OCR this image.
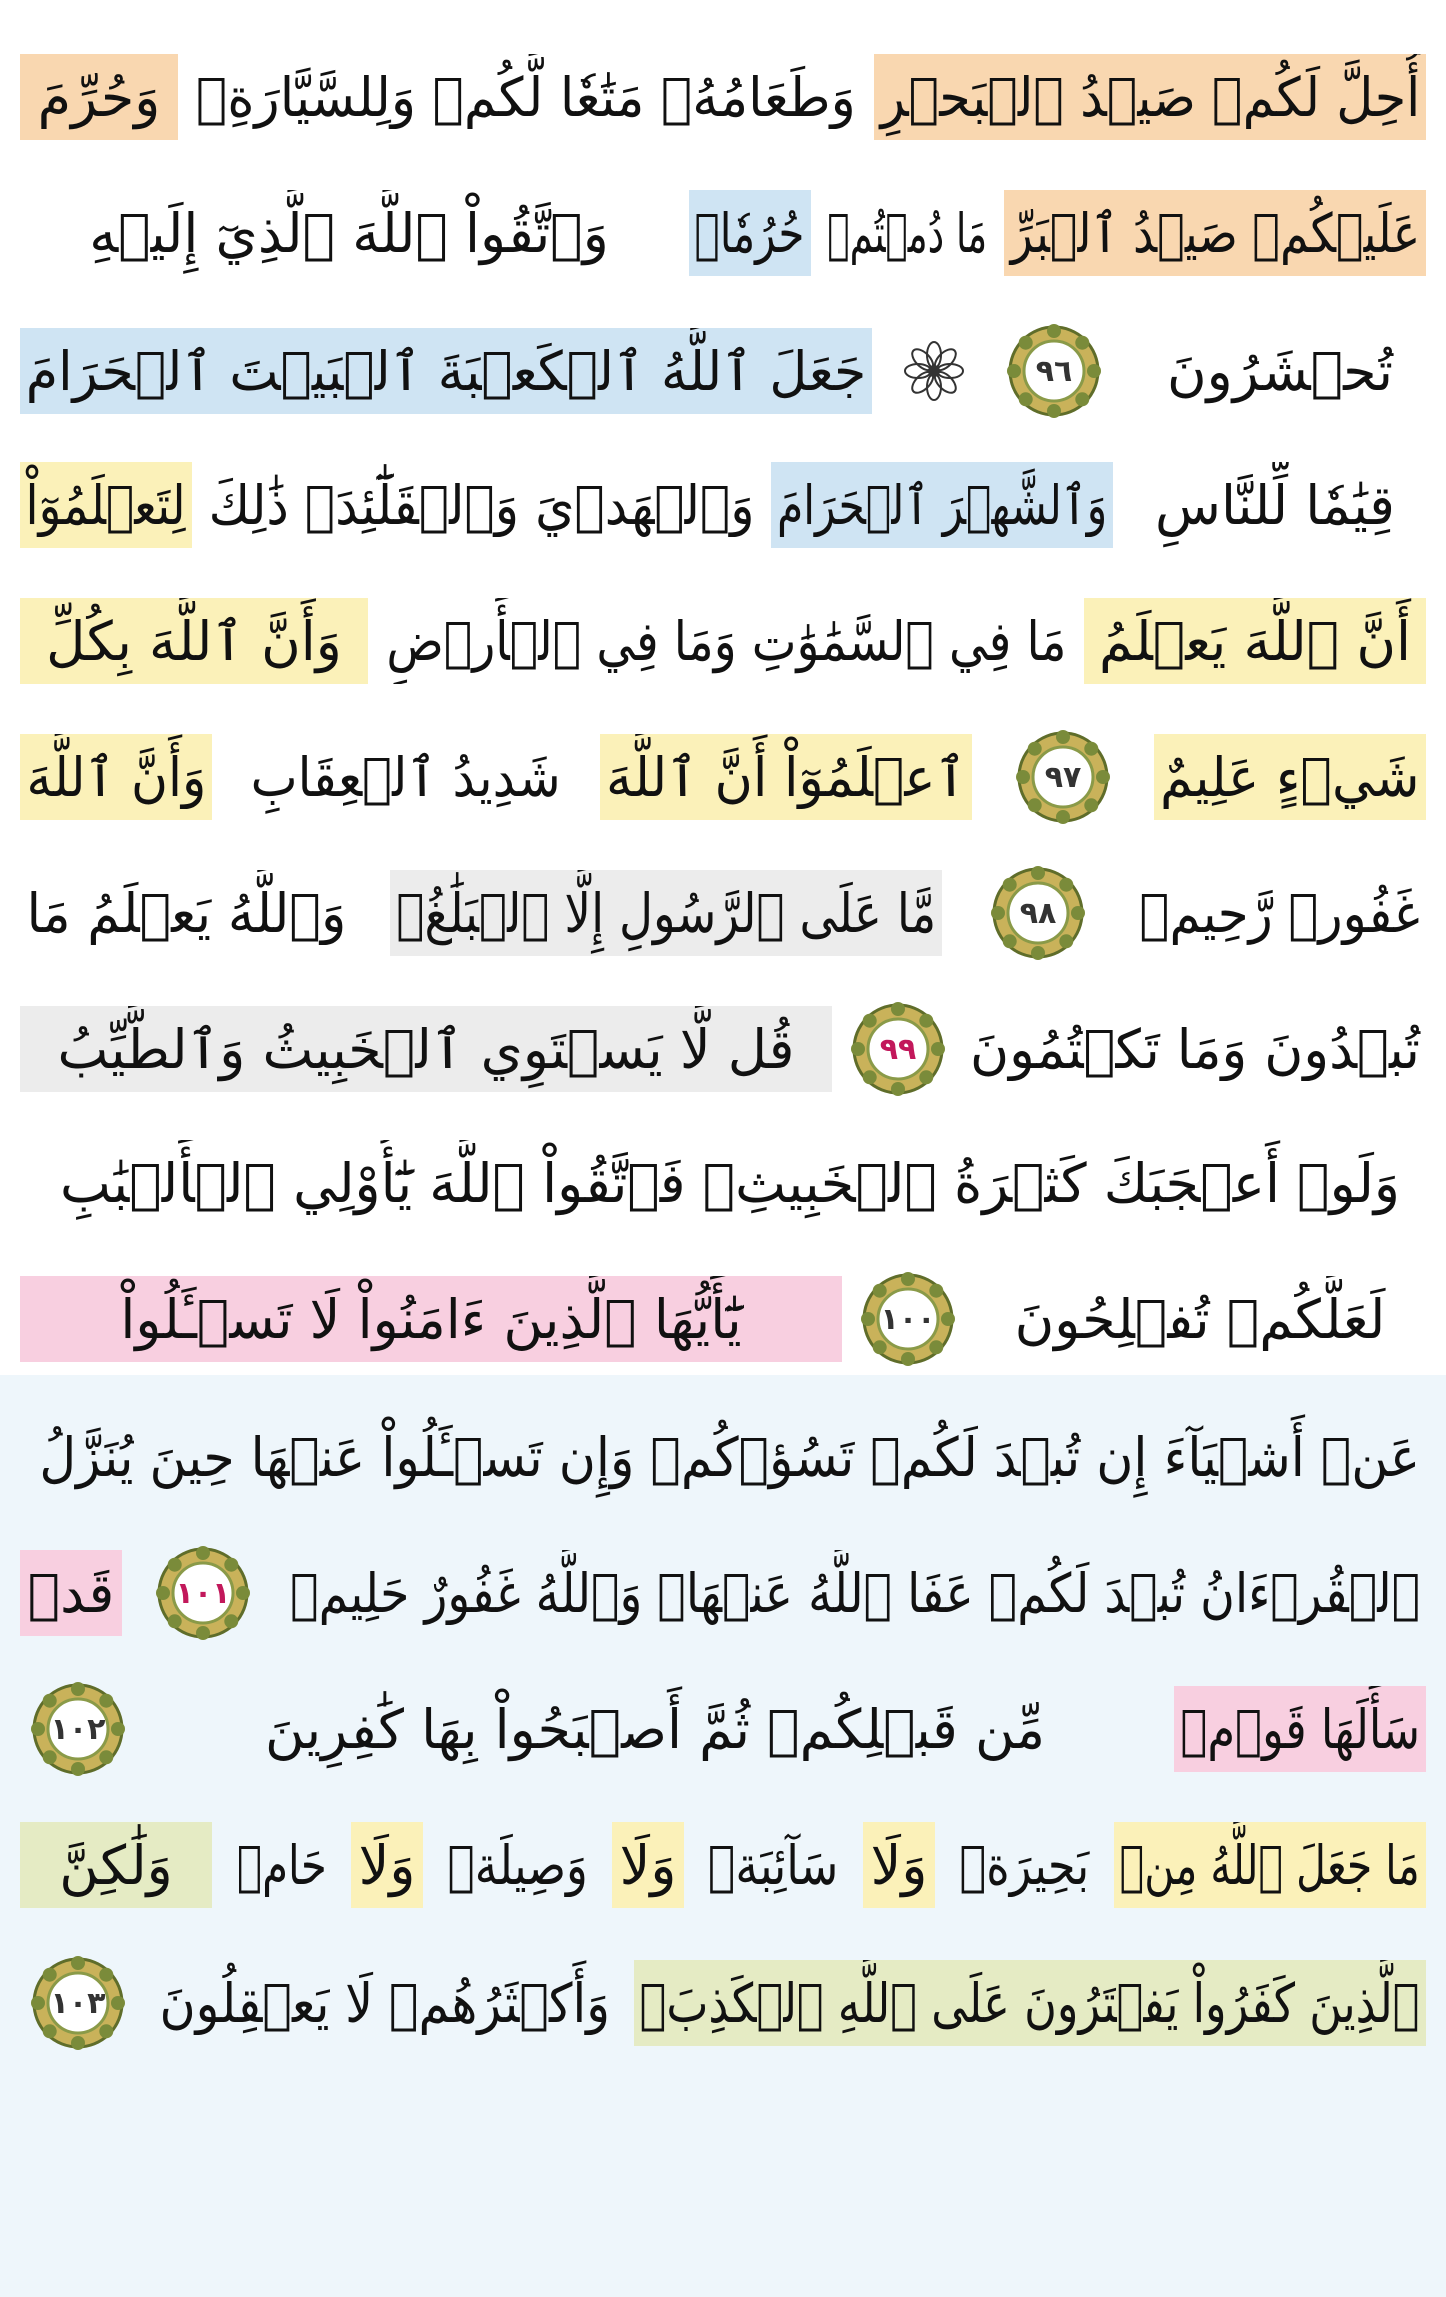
أُحِلَّ لَكُمۡ صَيۡدُ ٱلۡبَحۡرِ
وَطَعَامُهُۥ مَتَٰعٗا لَّكُمۡ وَلِلسَّيَّارَةِۖ
وَحُرِّمَ
عَلَيۡكُمۡ صَيۡدُ ٱلۡبَرِّ
مَا دُمۡتُمۡ
حُرُمٗاۗ
وَٱتَّقُواْ ٱللَّهَ ٱلَّذِيٓ إِلَيۡهِ
تُحۡشَرُونَ
٩٦
جَعَلَ ٱللَّهُ ٱلۡكَعۡبَةَ ٱلۡبَيۡتَ ٱلۡحَرَامَ
قِيَٰمٗا لِّلنَّاسِ
وَٱلشَّهۡرَ ٱلۡحَرَامَ
وَٱلۡهَدۡيَ وَٱلۡقَلَٰٓئِدَۚ ذَٰلِكَ
لِتَعۡلَمُوٓاْ
أَنَّ ٱللَّهَ يَعۡلَمُ
مَا فِي ٱلسَّمَٰوَٰتِ وَمَا فِي ٱلۡأَرۡضِ
وَأَنَّ ٱللَّهَ بِكُلِّ
شَيۡءٍ عَلِيمٌ
٩٧
ٱعۡلَمُوٓاْ أَنَّ ٱللَّهَ
شَدِيدُ ٱلۡعِقَابِ
وَأَنَّ ٱللَّهَ
غَفُورٞ رَّحِيمٞ
٩٨
مَّا عَلَى ٱلرَّسُولِ إِلَّا ٱلۡبَلَٰغُۗ
وَٱللَّهُ يَعۡلَمُ مَا
تُبۡدُونَ وَمَا تَكۡتُمُونَ
٩٩
قُل لَّا يَسۡتَوِي ٱلۡخَبِيثُ وَٱلطَّيِّبُ
وَلَوۡ أَعۡجَبَكَ كَثۡرَةُ ٱلۡخَبِيثِۚ فَٱتَّقُواْ ٱللَّهَ يَٰٓأُوْلِي ٱلۡأَلۡبَٰبِ
لَعَلَّكُمۡ تُفۡلِحُونَ
١٠٠
يَٰٓأَيُّهَا ٱلَّذِينَ ءَامَنُواْ لَا تَسۡـَٔلُواْ
عَنۡ أَشۡيَآءَ إِن تُبۡدَ لَكُمۡ تَسُؤۡكُمۡ وَإِن تَسۡـَٔلُواْ عَنۡهَا حِينَ يُنَزَّلُ
ٱلۡقُرۡءَانُ تُبۡدَ لَكُمۡ عَفَا ٱللَّهُ عَنۡهَاۗ وَٱللَّهُ غَفُورٌ حَلِيمٞ
١٠١
قَدۡ
سَأَلَهَا قَوۡمٞ
مِّن قَبۡلِكُمۡ ثُمَّ أَصۡبَحُواْ بِهَا كَٰفِرِينَ
١٠٢
مَا جَعَلَ ٱللَّهُ مِنۢ
بَحِيرَةٖ
وَلَا
سَآئِبَةٖ
وَلَا
وَصِيلَةٖ
وَلَا
حَامٖ
وَلَٰكِنَّ
ٱلَّذِينَ كَفَرُواْ يَفۡتَرُونَ عَلَى ٱللَّهِ ٱلۡكَذِبَۖ
وَأَكۡثَرُهُمۡ لَا يَعۡقِلُونَ
١٠٣
